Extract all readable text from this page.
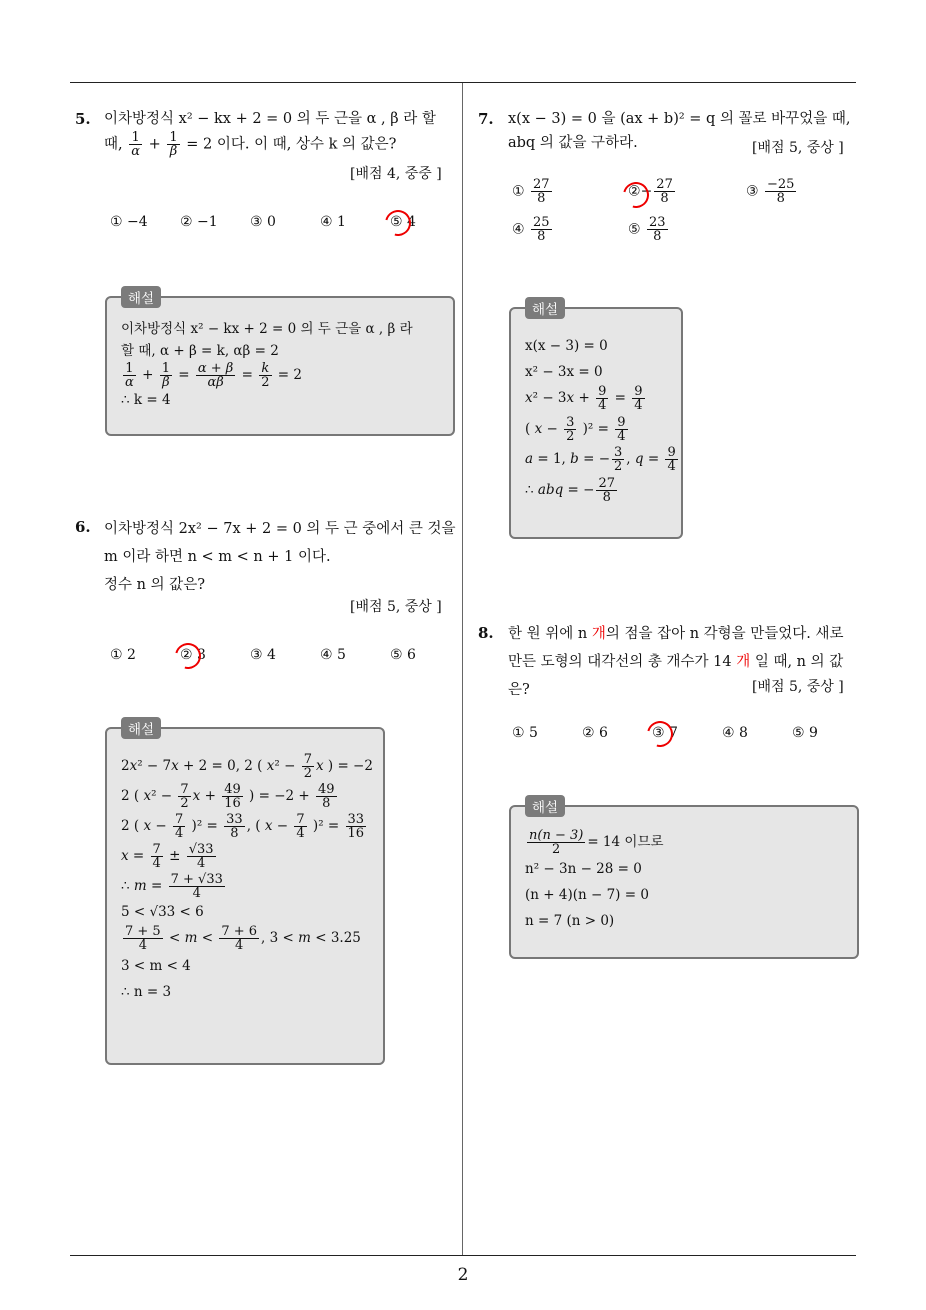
2
5. 이차방정식 x² − kx + 2 = 0 의 두 근을 α , β 라 할
때, $\frac{1}{\alpha} + \frac{1}{\beta} = 2$ 이다. 이 때, 상수 k 의 값은?
[배점 4, 중중 ]
① −4 ② −1 ③ 0	④ 1	⑤ 4
해설
이차방정식 x² − kx + 2 = 0 의 두 근을 α , β 라
할 때, α + β = k, αβ = 2
$\frac{1}{\alpha} + \frac{1}{\beta} = \frac{\alpha + \beta}{\alpha\beta} = \frac{k}{2} = 2$
∴ k = 4
6. 이차방정식 2x² − 7x + 2 = 0 의 두 근 중에서 큰 것을
m 이라 하면 n < m < n + 1 이다.
정수 n 의 값은?
[배점 5, 중상 ]
① 2	② 3	③ 4	④ 5	⑤ 6
해설
2x² − 7x + 2 = 0, 2 ( $x^2 - \frac{7}{2}$ x ) = −2
2 ( $x^2 - \frac{7}{2}$ $x + \frac{49}{16}$ ) = $-2 + \frac{49}{8}$
2 ( $x - \frac{7}{4} )^2 = \frac{33}{8}$ , ( $x - \frac{7}{4} )^2 = \frac{33}{16}$
$x = \frac{7}{4} \pm \frac{√33}{4}$
∴ $m = \frac{7 + √33}{4}$
5 < √33 < 6
$\frac{7 + 5}{4} < m < \frac{7 + 6}{4}$ , 3 < m < 3.25
3 < m < 4
∴ n = 3
7. x(x − 3) = 0 을 (ax + b)² = q 의 꼴로 바꾸었을 때,
abq 의 값을 구하라.	[배점 5, 중상 ]
① $\frac{27}{8}$	②− $\frac{27}{8}$	③ $\frac{-25}{8}$
④ $\frac{25}{8}$	⑤ $\frac{23}{8}$
해설
x(x − 3) = 0
x² − 3x = 0
$x^2 - 3x + \frac{9}{4} = \frac{9}{4}$
( $x - \frac{3}{2} )^2 = \frac{9}{4}$
a = 1, b = − $\frac{3}{2}$ , $q = \frac{9}{4}$
∴ abq = − $\frac{27}{8}$
8. 한 원 위에 n 개의 점을 잡아 n 각형을 만들었다. 새로
만든 도형의 대각선의 총 개수가 14 개 일 때, n 의 값
은?	[배점 5, 중상 ]
① 5	② 6	③ 7	④ 8	⑤ 9
해설
$\frac{n(n - 3)}{2} = 14$ 이므로
n² − 3n − 28 = 0
(n + 4)(n − 7) = 0
n = 7 (n > 0)
